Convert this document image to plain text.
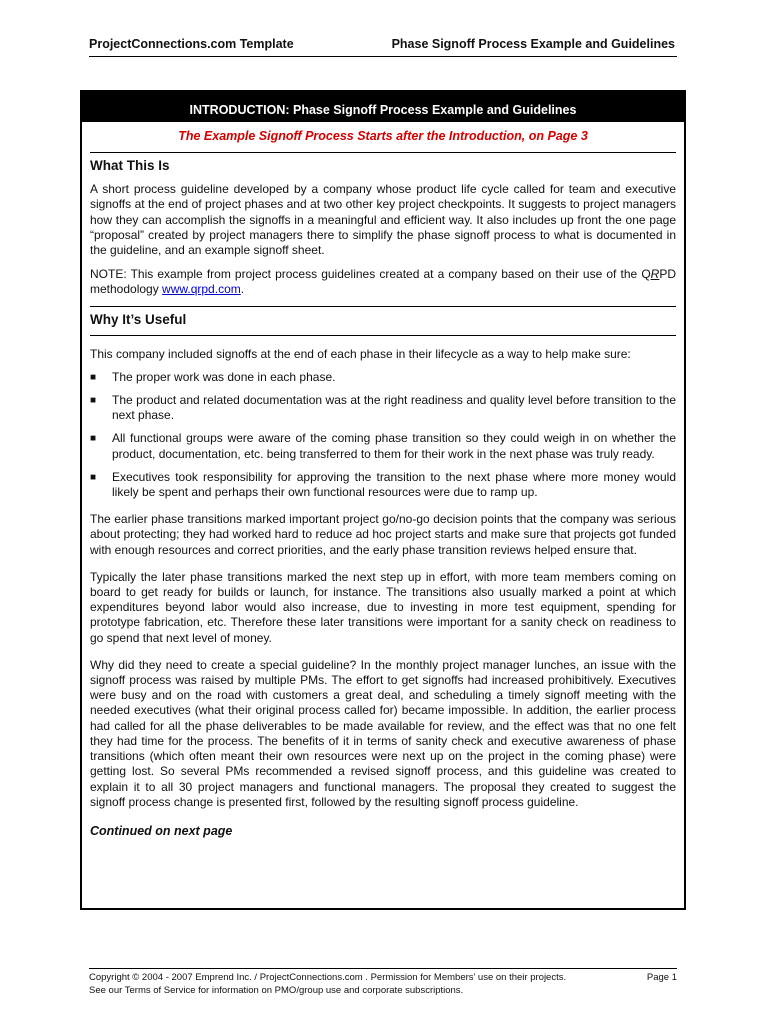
ProjectConnections.com Template	Phase Signoff Process Example and Guidelines
INTRODUCTION: Phase Signoff Process Example and Guidelines
The Example Signoff Process Starts after the Introduction, on Page 3
What This Is

A short process guideline developed by a company whose product life cycle called for team and executive signoffs at the end of project phases and at two other key project checkpoints. It suggests to project managers how they can accomplish the signoffs in a meaningful and efficient way. It also includes up front the one page “proposal” created by project managers there to simplify the phase signoff process to what is documented in the guideline, and an example signoff sheet.

NOTE: This example from project process guidelines created at a company based on their use of the QRPD methodology www.qrpd.com.

Why It’s Useful

This company included signoffs at the end of each phase in their lifecycle as a way to help make sure:

■ The proper work was done in each phase.
■ The product and related documentation was at the right readiness and quality level before transition to the next phase.
■ All functional groups were aware of the coming phase transition so they could weigh in on whether the product, documentation, etc. being transferred to them for their work in the next phase was truly ready.
■ Executives took responsibility for approving the transition to the next phase where more money would likely be spent and perhaps their own functional resources were due to ramp up.

The earlier phase transitions marked important project go/no-go decision points that the company was serious about protecting; they had worked hard to reduce ad hoc project starts and make sure that projects got funded with enough resources and correct priorities, and the early phase transition reviews helped ensure that.

Typically the later phase transitions marked the next step up in effort, with more team members coming on board to get ready for builds or launch, for instance. The transitions also usually marked a point at which expenditures beyond labor would also increase, due to investing in more test equipment, spending for prototype fabrication, etc. Therefore these later transitions were important for a sanity check on readiness to go spend that next level of money.

Why did they need to create a special guideline? In the monthly project manager lunches, an issue with the signoff process was raised by multiple PMs. The effort to get signoffs had increased prohibitively. Executives were busy and on the road with customers a great deal, and scheduling a timely signoff meeting with the needed executives (what their original process called for) became impossible. In addition, the earlier process had called for all the phase deliverables to be made available for review, and the effect was that no one felt they had time for the process. The benefits of it in terms of sanity check and executive awareness of phase transitions (which often meant their own resources were next up on the project in the coming phase) were getting lost. So several PMs recommended a revised signoff process, and this guideline was created to explain it to all 30 project managers and functional managers. The proposal they created to suggest the signoff process change is presented first, followed by the resulting signoff process guideline.

Continued on next page
Copyright © 2004 - 2007 Emprend Inc. / ProjectConnections.com . Permission for Members’ use on their projects.
See our Terms of Service for information on PMO/group use and corporate subscriptions.
Page 1
